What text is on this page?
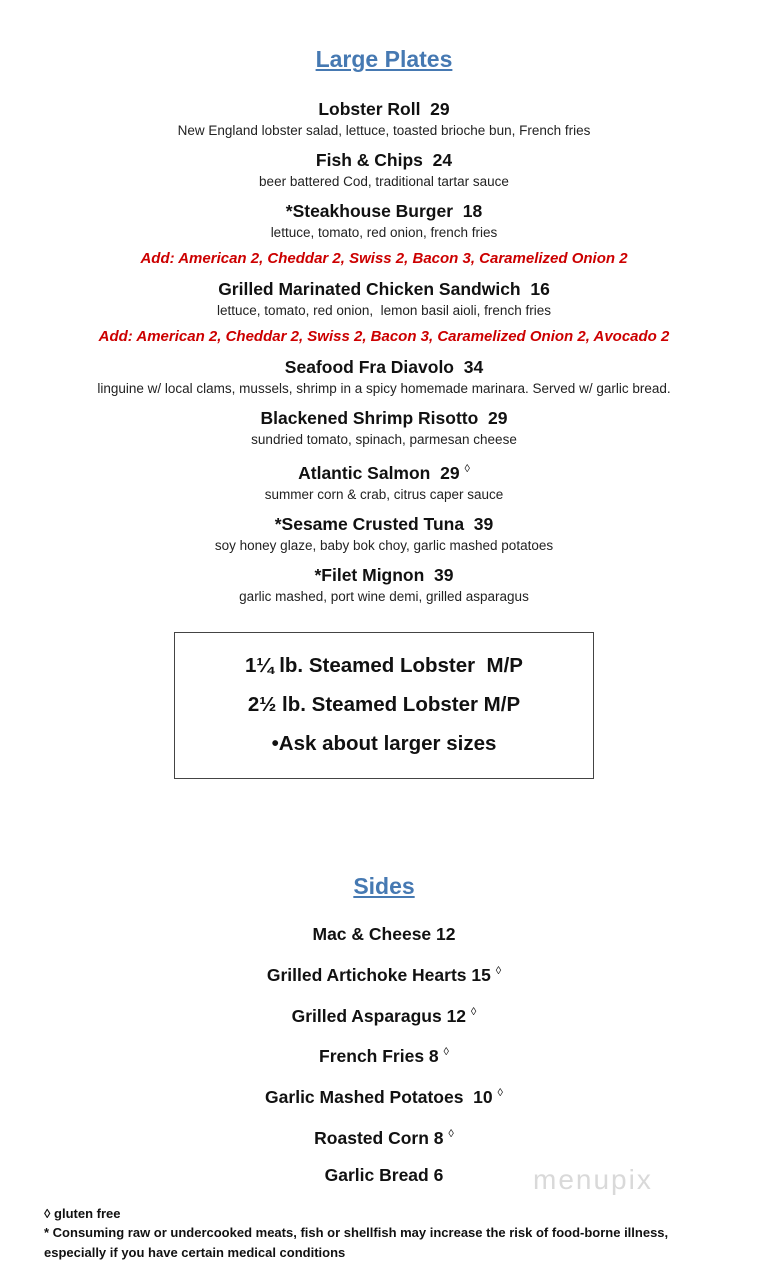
Large Plates
Lobster Roll  29
New England lobster salad, lettuce, toasted brioche bun, French fries
Fish & Chips  24
beer battered Cod, traditional tartar sauce
*Steakhouse Burger  18
lettuce, tomato, red onion, french fries
Add: American 2, Cheddar 2, Swiss 2, Bacon 3, Caramelized Onion 2
Grilled Marinated Chicken Sandwich  16
lettuce, tomato, red onion,  lemon basil aioli, french fries
Add: American 2, Cheddar 2, Swiss 2, Bacon 3, Caramelized Onion 2, Avocado 2
Seafood Fra Diavolo  34
linguine w/ local clams, mussels, shrimp in a spicy homemade marinara. Served w/ garlic bread.
Blackened Shrimp Risotto  29
sundried tomato, spinach, parmesan cheese
Atlantic Salmon  29 ◊
summer corn & crab, citrus caper sauce
*Sesame Crusted Tuna  39
soy honey glaze, baby bok choy, garlic mashed potatoes
*Filet Mignon  39
garlic mashed, port wine demi, grilled asparagus
1¼ lb. Steamed Lobster  M/P
2½ lb. Steamed Lobster M/P
•Ask about larger sizes
Sides
Mac & Cheese 12
Grilled Artichoke Hearts 15 ◊
Grilled Asparagus 12 ◊
French Fries 8 ◊
Garlic Mashed Potatoes  10 ◊
Roasted Corn 8 ◊
Garlic Bread 6
◊ gluten free
* Consuming raw or undercooked meats, fish or shellfish may increase the risk of food-borne illness,
especially if you have certain medical conditions
menupix
